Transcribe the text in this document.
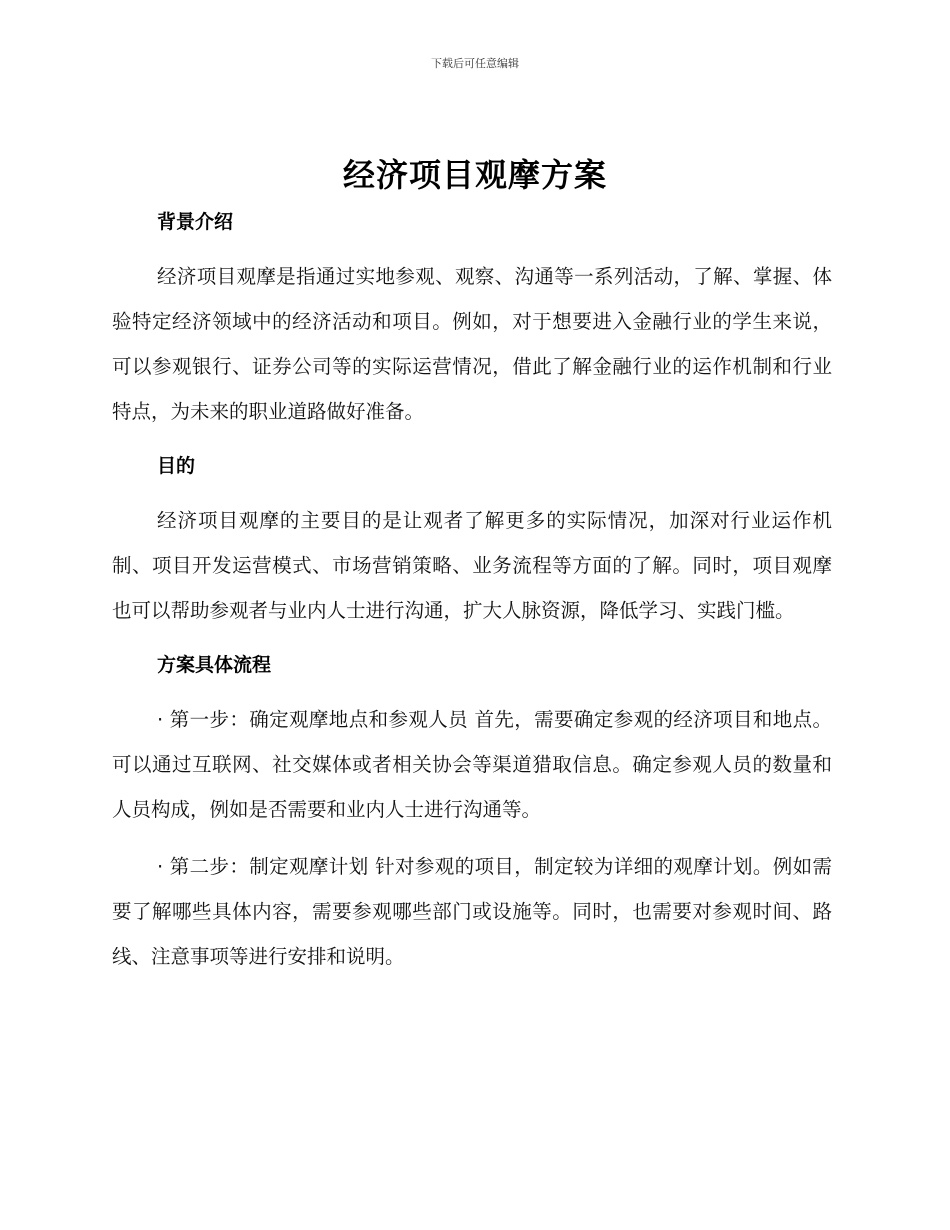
下载后可任意编辑
经济项目观摩方案
背景介绍

经济项目观摩是指通过实地参观、观察、沟通等一系列活动，了解、掌握、体验特定经济领域中的经济活动和项目。例如，对于想要进入金融行业的学生来说，可以参观银行、证券公司等的实际运营情况，借此了解金融行业的运作机制和行业特点，为未来的职业道路做好准备。

目的

经济项目观摩的主要目的是让观者了解更多的实际情况，加深对行业运作机制、项目开发运营模式、市场营销策略、业务流程等方面的了解。同时，项目观摩也可以帮助参观者与业内人士进行沟通，扩大人脉资源，降低学习、实践门槛。

方案具体流程

· 第一步：确定观摩地点和参观人员 首先，需要确定参观的经济项目和地点。可以通过互联网、社交媒体或者相关协会等渠道猎取信息。确定参观人员的数量和人员构成，例如是否需要和业内人士进行沟通等。

· 第二步：制定观摩计划 针对参观的项目，制定较为详细的观摩计划。例如需要了解哪些具体内容，需要参观哪些部门或设施等。同时，也需要对参观时间、路线、注意事项等进行安排和说明。
